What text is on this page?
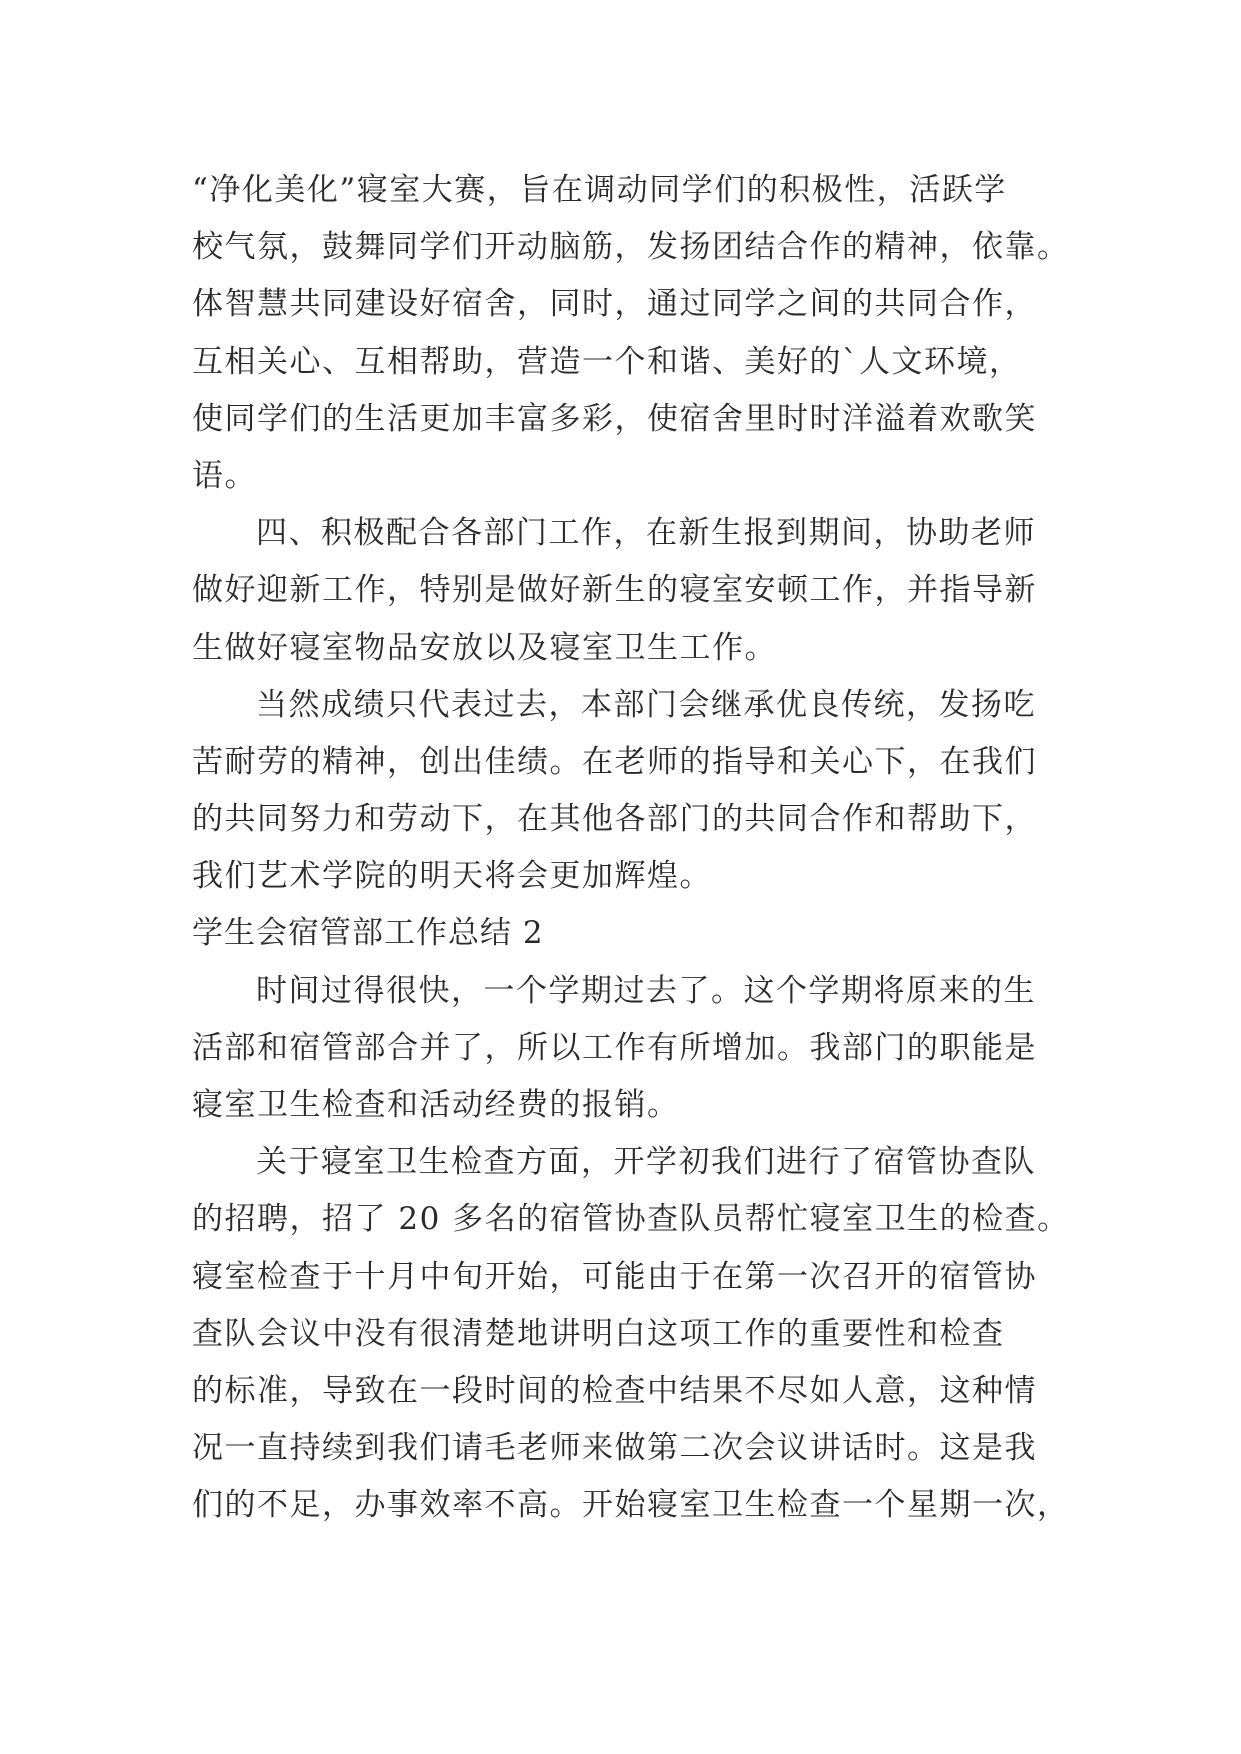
“净化美化”寝室大赛，旨在调动同学们的积极性，活跃学
校气氛，鼓舞同学们开动脑筋，发扬团结合作的精神，依靠。
体智慧共同建设好宿舍，同时，通过同学之间的共同合作，
互相关心、互相帮助，营造一个和谐、美好的`人文环境，
使同学们的生活更加丰富多彩，使宿舍里时时洋溢着欢歌笑
语。
四、积极配合各部门工作，在新生报到期间，协助老师
做好迎新工作，特别是做好新生的寝室安顿工作，并指导新
生做好寝室物品安放以及寝室卫生工作。
当然成绩只代表过去，本部门会继承优良传统，发扬吃
苦耐劳的精神，创出佳绩。在老师的指导和关心下，在我们
的共同努力和劳动下，在其他各部门的共同合作和帮助下，
我们艺术学院的明天将会更加辉煌。
学生会宿管部工作总结 2
时间过得很快，一个学期过去了。这个学期将原来的生
活部和宿管部合并了，所以工作有所增加。我部门的职能是
寝室卫生检查和活动经费的报销。
关于寝室卫生检查方面，开学初我们进行了宿管协查队
的招聘，招了 20 多名的宿管协查队员帮忙寝室卫生的检查。
寝室检查于十月中旬开始，可能由于在第一次召开的宿管协
查队会议中没有很清楚地讲明白这项工作的重要性和检查
的标准，导致在一段时间的检查中结果不尽如人意，这种情
况一直持续到我们请毛老师来做第二次会议讲话时。这是我
们的不足，办事效率不高。开始寝室卫生检查一个星期一次，
